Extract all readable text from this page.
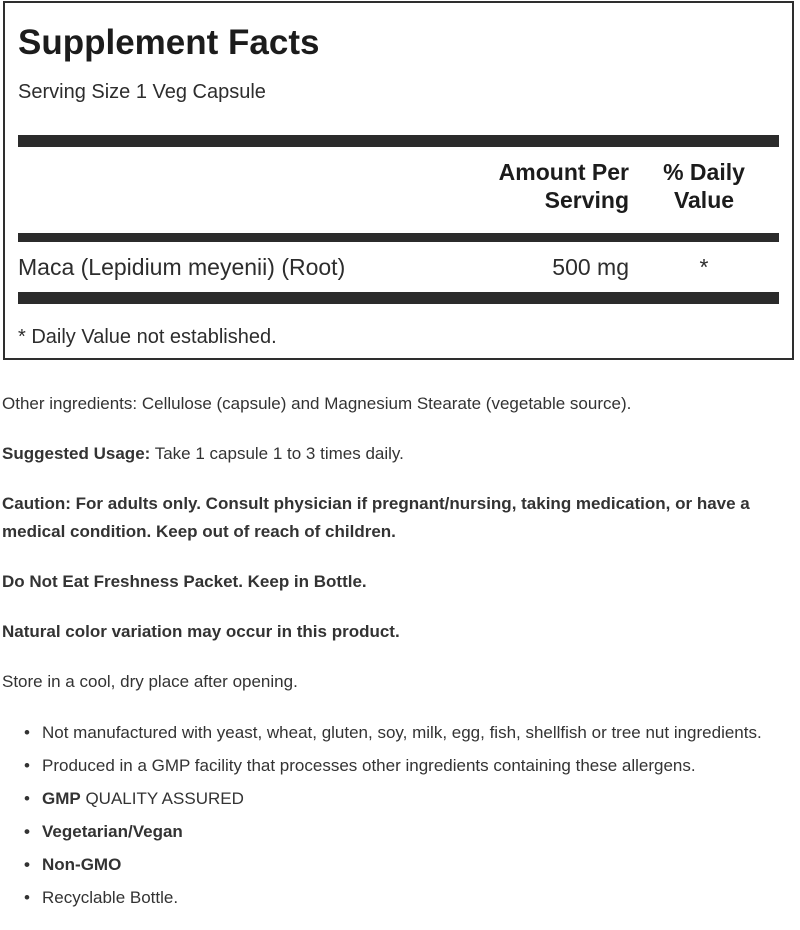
Supplement Facts
Serving Size 1 Veg Capsule
Amount Per
Serving
% Daily
Value
Maca (Lepidium meyenii) (Root)	500 mg	*
* Daily Value not established.

Other ingredients: Cellulose (capsule) and Magnesium Stearate (vegetable source).

Suggested Usage: Take 1 capsule 1 to 3 times daily.

Caution: For adults only. Consult physician if pregnant/nursing, taking medication, or have a medical condition. Keep out of reach of children.

Do Not Eat Freshness Packet. Keep in Bottle.

Natural color variation may occur in this product.

Store in a cool, dry place after opening.

• Not manufactured with yeast, wheat, gluten, soy, milk, egg, fish, shellfish or tree nut ingredients.
• Produced in a GMP facility that processes other ingredients containing these allergens.
• GMP QUALITY ASSURED
• Vegetarian/Vegan
• Non-GMO
• Recyclable Bottle.
